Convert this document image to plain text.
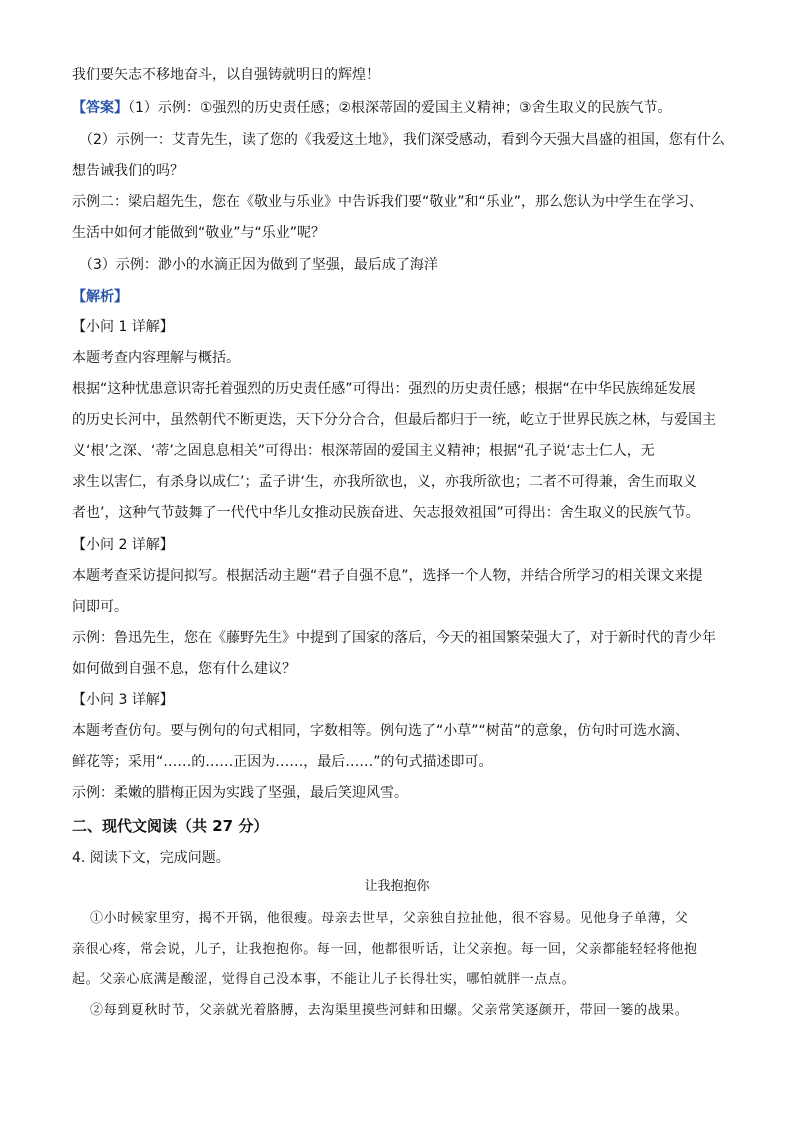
我们要矢志不移地奋斗，以自强铸就明日的辉煌！
【答案】（1）示例：①强烈的历史责任感；②根深蒂固的爱国主义精神；③舍生取义的民族气节。
（2）示例一：艾青先生，读了您的《我爱这土地》，我们深受感动，看到今天强大昌盛的祖国，您有什么
想告诫我们的吗？
示例二：梁启超先生，您在《敬业与乐业》中告诉我们要“敬业”和“乐业”，那么您认为中学生在学习、
生活中如何才能做到“敬业”与“乐业”呢？
（3）示例：渺小的水滴正因为做到了坚强，最后成了海洋
【解析】
【小问 1 详解】
本题考查内容理解与概括。
根据“这种忧患意识寄托着强烈的历史责任感”可得出：强烈的历史责任感；根据“在中华民族绵延发展
的历史长河中，虽然朝代不断更迭，天下分分合合，但最后都归于一统，屹立于世界民族之林，与爱国主
义‘根’之深、‘蒂’之固息息相关”可得出：根深蒂固的爱国主义精神；根据“孔子说‘志士仁人，无
求生以害仁，有杀身以成仁’；孟子讲‘生，亦我所欲也，义，亦我所欲也；二者不可得兼，舍生而取义
者也’，这种气节鼓舞了一代代中华儿女推动民族奋进、矢志报效祖国”可得出：舍生取义的民族气节。
【小问 2 详解】
本题考查采访提问拟写。根据活动主题“君子自强不息”，选择一个人物，并结合所学习的相关课文来提
问即可。
示例：鲁迅先生，您在《藤野先生》中提到了国家的落后，今天的祖国繁荣强大了，对于新时代的青少年
如何做到自强不息，您有什么建议？
【小问 3 详解】
本题考查仿句。要与例句的句式相同，字数相等。例句选了“小草”“树苗”的意象，仿句时可选水滴、
鲜花等；采用“……的……正因为……，最后……”的句式描述即可。
示例：柔嫩的腊梅正因为实践了坚强，最后笑迎风雪。
二、现代文阅读（共 27 分）
4. 阅读下文，完成问题。
让我抱抱你
①小时候家里穷，揭不开锅，他很瘦。母亲去世早，父亲独自拉扯他，很不容易。见他身子单薄，父
亲很心疼，常会说，儿子，让我抱抱你。每一回，他都很听话，让父亲抱。每一回，父亲都能轻轻将他抱
起。父亲心底满是酸涩，觉得自己没本事，不能让儿子长得壮实，哪怕就胖一点点。
②每到夏秋时节，父亲就光着胳膊，去沟渠里摸些河蚌和田螺。父亲常笑逐颜开，带回一篓的战果。
